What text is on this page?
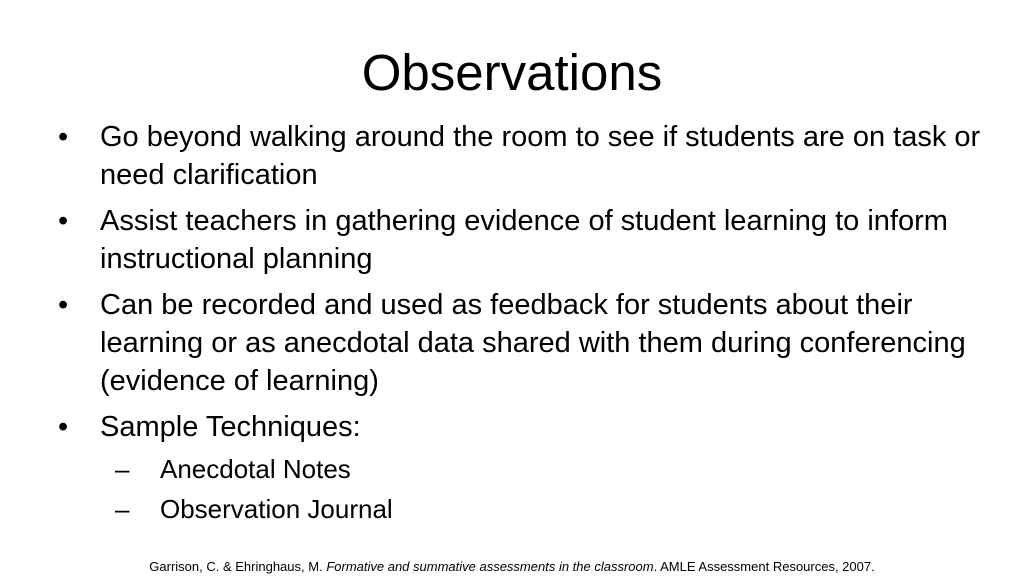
Observations
•	Go beyond walking around the room to see if students are on task or need clarification
•	Assist teachers in gathering evidence of student learning to inform instructional planning
•	Can be recorded and used as feedback for students about their learning or as anecdotal data shared with them during conferencing (evidence of learning)
•	Sample Techniques:
– Anecdotal Notes
– Observation Journal
Garrison, C. & Ehringhaus, M. Formative and summative assessments in the classroom. AMLE Assessment Resources, 2007.
